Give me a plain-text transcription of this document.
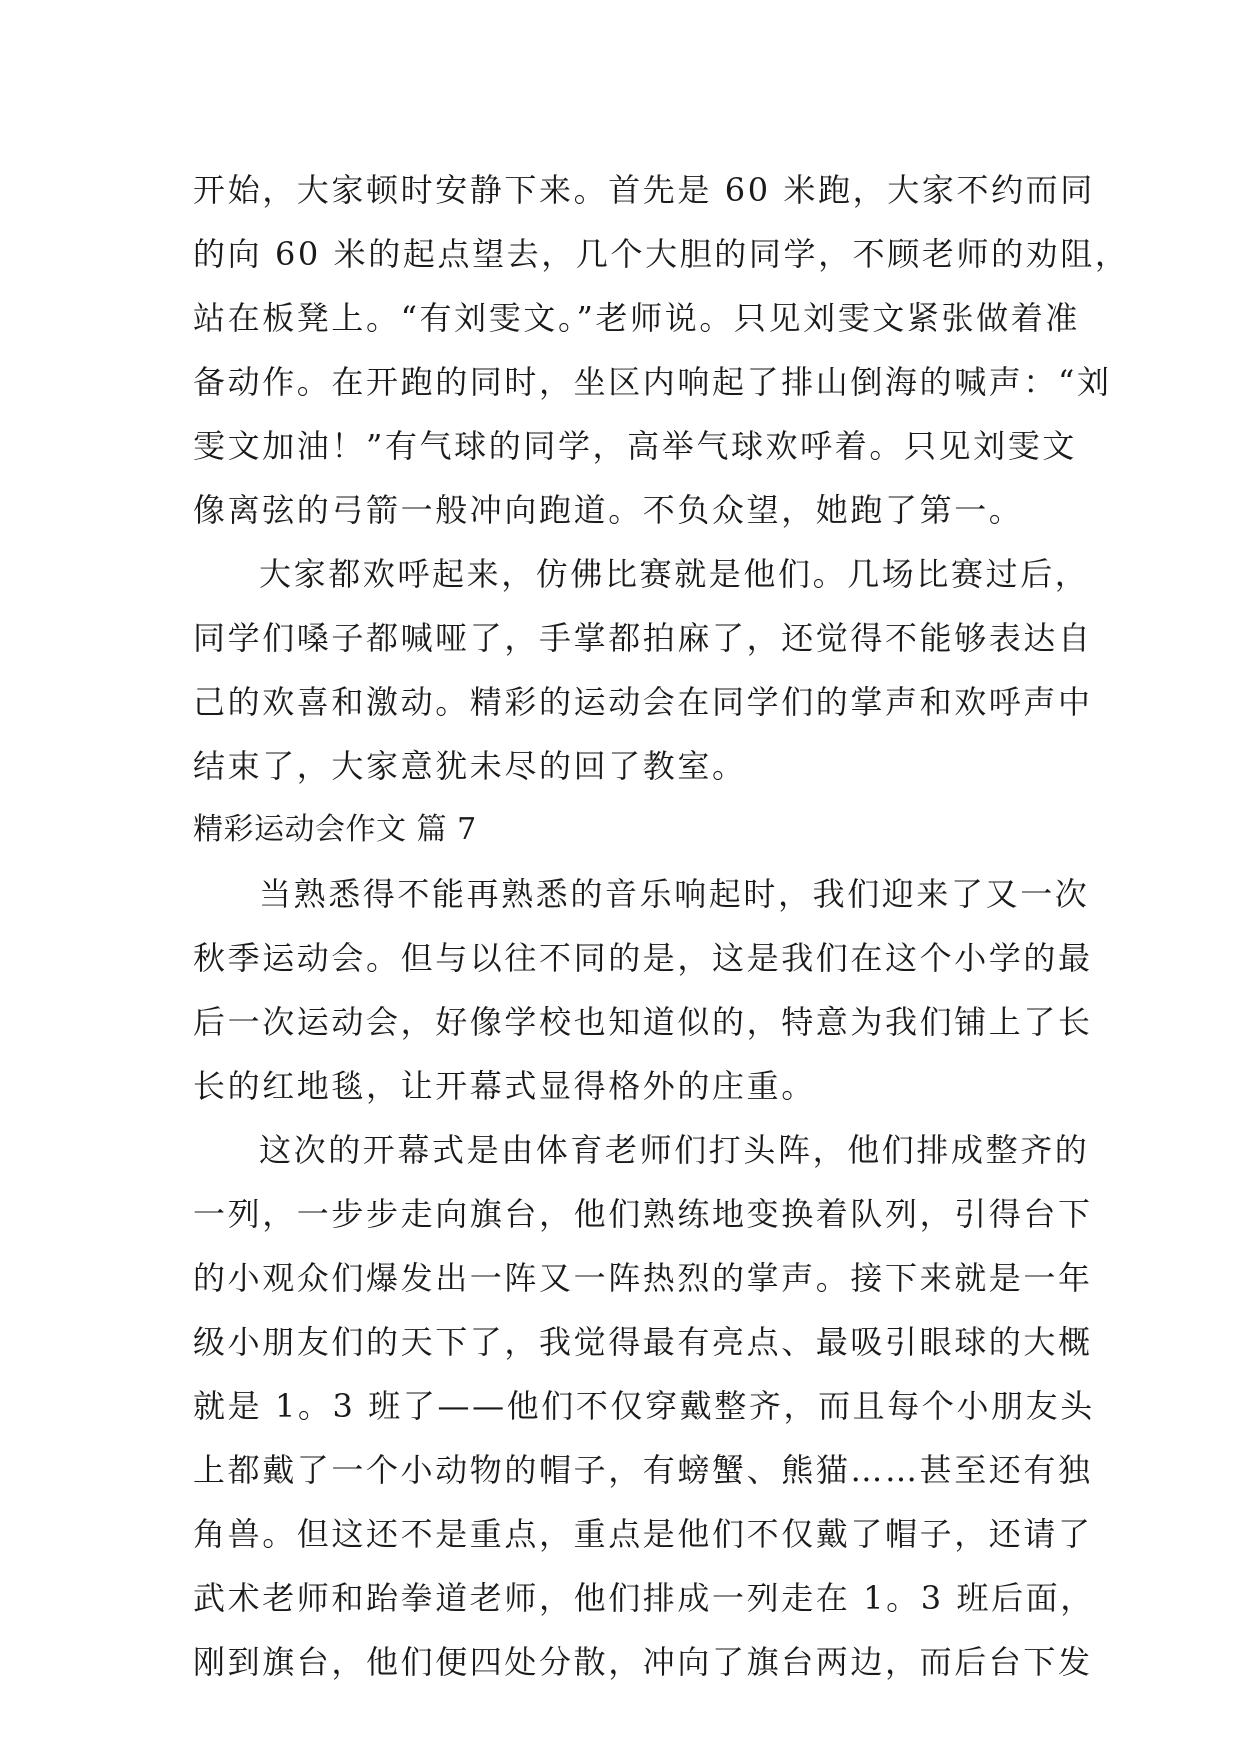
开始，大家顿时安静下来。首先是 60 米跑，大家不约而同
的向 60 米的起点望去，几个大胆的同学，不顾老师的劝阻，
站在板凳上。“有刘雯文。”老师说。只见刘雯文紧张做着准
备动作。在开跑的同时，坐区内响起了排山倒海的喊声：“刘
雯文加油！”有气球的同学，高举气球欢呼着。只见刘雯文
像离弦的弓箭一般冲向跑道。不负众望，她跑了第一。
大家都欢呼起来，仿佛比赛就是他们。几场比赛过后，
同学们嗓子都喊哑了，手掌都拍麻了，还觉得不能够表达自
己的欢喜和激动。精彩的运动会在同学们的掌声和欢呼声中
结束了，大家意犹未尽的回了教室。
精彩运动会作文 篇 7
当熟悉得不能再熟悉的音乐响起时，我们迎来了又一次
秋季运动会。但与以往不同的是，这是我们在这个小学的最
后一次运动会，好像学校也知道似的，特意为我们铺上了长
长的红地毯，让开幕式显得格外的庄重。
这次的开幕式是由体育老师们打头阵，他们排成整齐的
一列，一步步走向旗台，他们熟练地变换着队列，引得台下
的小观众们爆发出一阵又一阵热烈的掌声。接下来就是一年
级小朋友们的天下了，我觉得最有亮点、最吸引眼球的大概
就是 1。3 班了——他们不仅穿戴整齐，而且每个小朋友头
上都戴了一个小动物的帽子，有螃蟹、熊猫……甚至还有独
角兽。但这还不是重点，重点是他们不仅戴了帽子，还请了
武术老师和跆拳道老师，他们排成一列走在 1。3 班后面，
刚到旗台，他们便四处分散，冲向了旗台两边，而后台下发
